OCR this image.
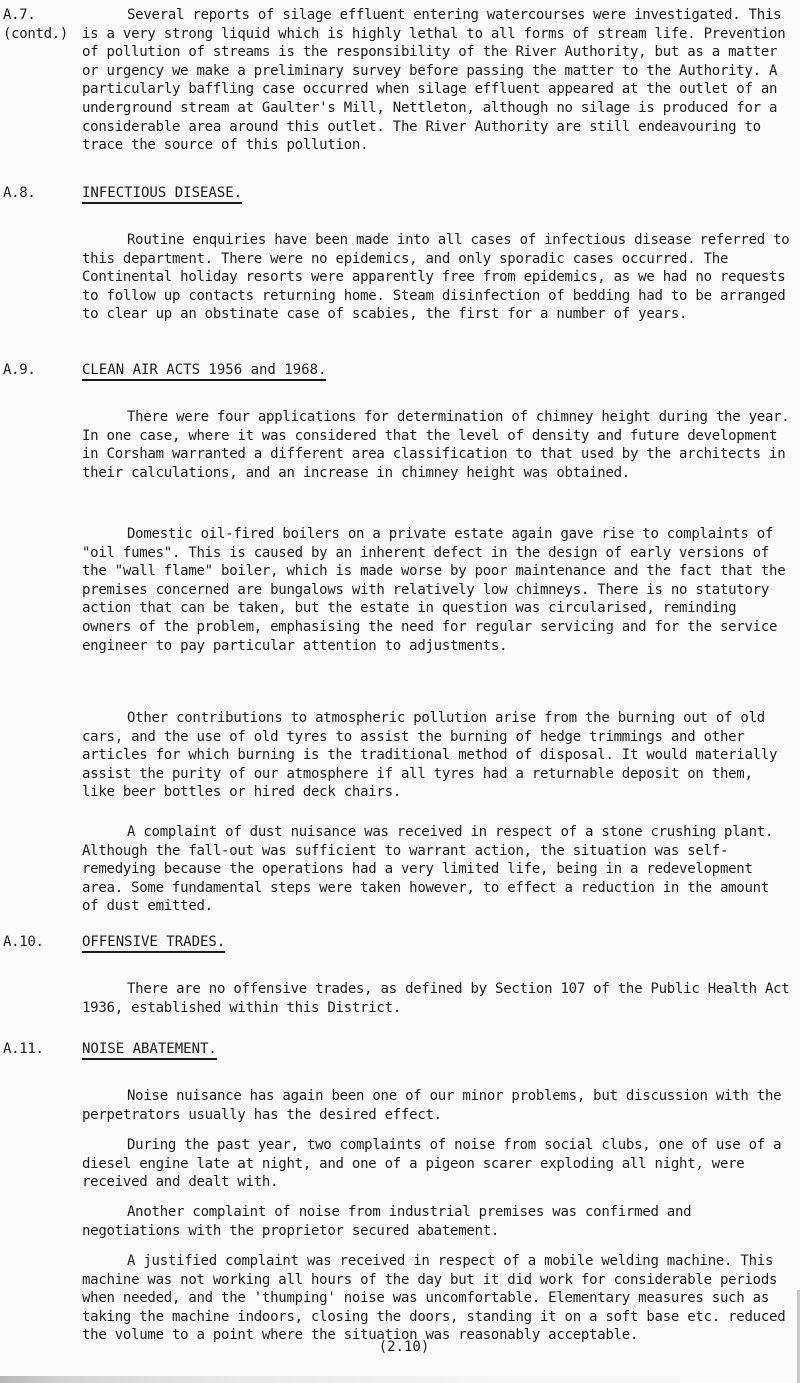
A.7.
(contd.)

Several reports of silage effluent entering watercourses were investigated. This is a very strong liquid which is highly lethal to all forms of stream life. Prevention of pollution of streams is the responsibility of the River Authority, but as a matter or urgency we make a preliminary survey before passing the matter to the Authority. A particularly baffling case occurred when silage effluent appeared at the outlet of an underground stream at Gaulter's Mill, Nettleton, although no silage is produced for a considerable area around this outlet. The River Authority are still endeavouring to trace the source of this pollution.

A.8.	INFECTIOUS DISEASE.

Routine enquiries have been made into all cases of infectious disease referred to this department. There were no epidemics, and only sporadic cases occurred. The Continental holiday resorts were apparently free from epidemics, as we had no requests to follow up contacts returning home. Steam disinfection of bedding had to be arranged to clear up an obstinate case of scabies, the first for a number of years.

A.9.	CLEAN AIR ACTS 1956 and 1968.

There were four applications for determination of chimney height during the year. In one case, where it was considered that the level of density and future development in Corsham warranted a different area classification to that used by the architects in their calculations, and an increase in chimney height was obtained.

Domestic oil-fired boilers on a private estate again gave rise to complaints of "oil fumes". This is caused by an inherent defect in the design of early versions of the "wall flame" boiler, which is made worse by poor maintenance and the fact that the premises concerned are bungalows with relatively low chimneys. There is no statutory action that can be taken, but the estate in question was circularised, reminding owners of the problem, emphasising the need for regular servicing and for the service engineer to pay particular attention to adjustments.

Other contributions to atmospheric pollution arise from the burning out of old cars, and the use of old tyres to assist the burning of hedge trimmings and other articles for which burning is the traditional method of disposal. It would materially assist the purity of our atmosphere if all tyres had a returnable deposit on them, like beer bottles or hired deck chairs.

A complaint of dust nuisance was received in respect of a stone crushing plant. Although the fall-out was sufficient to warrant action, the situation was self-remedying because the operations had a very limited life, being in a redevelopment area. Some fundamental steps were taken however, to effect a reduction in the amount of dust emitted.

A.10.	OFFENSIVE TRADES.

There are no offensive trades, as defined by Section 107 of the Public Health Act 1936, established within this District.

A.11.	NOISE ABATEMENT.

Noise nuisance has again been one of our minor problems, but discussion with the perpetrators usually has the desired effect.

During the past year, two complaints of noise from social clubs, one of use of a diesel engine late at night, and one of a pigeon scarer exploding all night, were received and dealt with.

Another complaint of noise from industrial premises was confirmed and negotiations with the proprietor secured abatement.

A justified complaint was received in respect of a mobile welding machine. This machine was not working all hours of the day but it did work for considerable periods when needed, and the 'thumping' noise was uncomfortable. Elementary measures such as taking the machine indoors, closing the doors, standing it on a soft base etc. reduced the volume to a point where the situation was reasonably acceptable.

(2.10)
